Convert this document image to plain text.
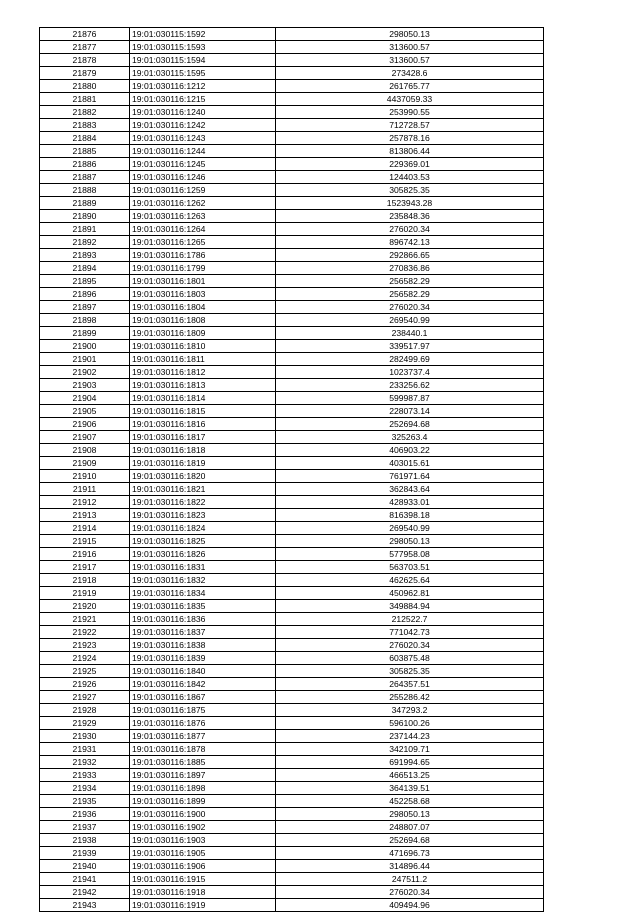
21876	19:01:030115:1592	298050.13
21877	19:01:030115:1593	313600.57
21878	19:01:030115:1594	313600.57
21879	19:01:030115:1595	273428.6
21880	19:01:030116:1212	261765.77
21881	19:01:030116:1215	4437059.33
21882	19:01:030116:1240	253990.55
21883	19:01:030116:1242	712728.57
21884	19:01:030116:1243	257878.16
21885	19:01:030116:1244	813806.44
21886	19:01:030116:1245	229369.01
21887	19:01:030116:1246	124403.53
21888	19:01:030116:1259	305825.35
21889	19:01:030116:1262	1523943.28
21890	19:01:030116:1263	235848.36
21891	19:01:030116:1264	276020.34
21892	19:01:030116:1265	896742.13
21893	19:01:030116:1786	292866.65
21894	19:01:030116:1799	270836.86
21895	19:01:030116:1801	256582.29
21896	19:01:030116:1803	256582.29
21897	19:01:030116:1804	276020.34
21898	19:01:030116:1808	269540.99
21899	19:01:030116:1809	238440.1
21900	19:01:030116:1810	339517.97
21901	19:01:030116:1811	282499.69
21902	19:01:030116:1812	1023737.4
21903	19:01:030116:1813	233256.62
21904	19:01:030116:1814	599987.87
21905	19:01:030116:1815	228073.14
21906	19:01:030116:1816	252694.68
21907	19:01:030116:1817	325263.4
21908	19:01:030116:1818	406903.22
21909	19:01:030116:1819	403015.61
21910	19:01:030116:1820	761971.64
21911	19:01:030116:1821	362843.64
21912	19:01:030116:1822	428933.01
21913	19:01:030116:1823	816398.18
21914	19:01:030116:1824	269540.99
21915	19:01:030116:1825	298050.13
21916	19:01:030116:1826	577958.08
21917	19:01:030116:1831	563703.51
21918	19:01:030116:1832	462625.64
21919	19:01:030116:1834	450962.81
21920	19:01:030116:1835	349884.94
21921	19:01:030116:1836	212522.7
21922	19:01:030116:1837	771042.73
21923	19:01:030116:1838	276020.34
21924	19:01:030116:1839	603875.48
21925	19:01:030116:1840	305825.35
21926	19:01:030116:1842	264357.51
21927	19:01:030116:1867	255286.42
21928	19:01:030116:1875	347293.2
21929	19:01:030116:1876	596100.26
21930	19:01:030116:1877	237144.23
21931	19:01:030116:1878	342109.71
21932	19:01:030116:1885	691994.65
21933	19:01:030116:1897	466513.25
21934	19:01:030116:1898	364139.51
21935	19:01:030116:1899	452258.68
21936	19:01:030116:1900	298050.13
21937	19:01:030116:1902	248807.07
21938	19:01:030116:1903	252694.68
21939	19:01:030116:1905	471696.73
21940	19:01:030116:1906	314896.44
21941	19:01:030116:1915	247511.2
21942	19:01:030116:1918	276020.34
21943	19:01:030116:1919	409494.96
